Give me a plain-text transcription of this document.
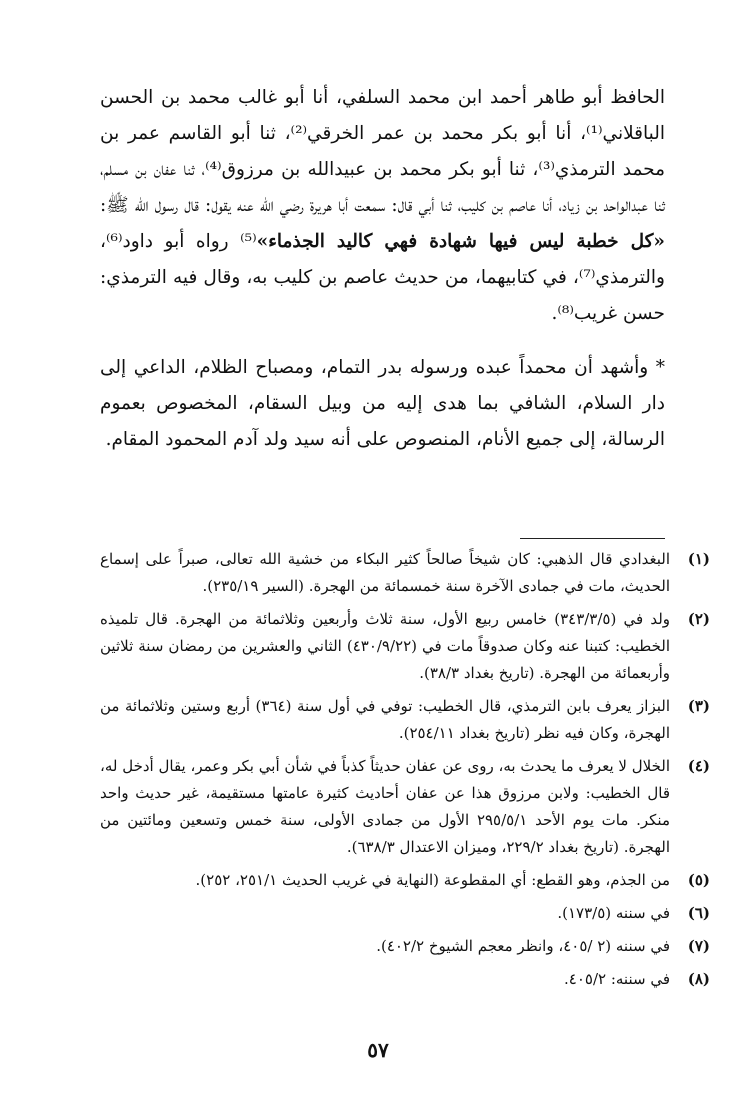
الحافظ أبو طاهر أحمد ابن محمد السلفي، أنا أبو غالب محمد بن الحسن الباقلاني⁽¹⁾، أنا أبو بكر محمد بن عمر الخرقي⁽²⁾، ثنا أبو القاسم عمر بن محمد الترمذي⁽³⁾، ثنا أبو بكر محمد بن عبيدالله بن مرزوق⁽⁴⁾، ثنا عفان بن مسلم، ثنا عبدالواحد بن زياد، أنا عاصم بن كليب، ثنا أبي قال: سمعت أبا هريرة رضي الله عنه يقول: قال رسول الله ﷺ: «كل خطبة ليس فيها شهادة فهي كاليد الجذماء»⁽⁵⁾ رواه أبو داود⁽⁶⁾، والترمذي⁽⁷⁾، في كتابيهما، من حديث عاصم بن كليب به، وقال فيه الترمذي: حسن غريب⁽⁸⁾.

* وأشهد أن محمداً عبده ورسوله بدر التمام، ومصباح الظلام، الداعي إلى دار السلام، الشافي بما هدى إليه من وبيل السقام، المخصوص بعموم الرسالة، إلى جميع الأنام، المنصوص على أنه سيد ولد آدم المحمود المقام.

(١)
البغدادي قال الذهبي: كان شيخاً صالحاً كثير البكاء من خشية الله تعالى، صبراً على إسماع الحديث، مات في جمادى الآخرة سنة خمسمائة من الهجرة. (السير ٢٣٥/١٩).
(٢)
ولد في (٣٤٣/٣/٥) خامس ربيع الأول، سنة ثلاث وأربعين وثلاثمائة من الهجرة. قال تلميذه الخطيب: كتبنا عنه وكان صدوقاً مات في (٤٣٠/٩/٢٢) الثاني والعشرين من رمضان سنة ثلاثين وأربعمائة من الهجرة. (تاريخ بغداد ٣٨/٣).
(٣)
البزاز يعرف بابن الترمذي، قال الخطيب: توفي في أول سنة (٣٦٤) أربع وستين وثلاثمائة من الهجرة، وكان فيه نظر (تاريخ بغداد ٢٥٤/١١).
(٤)
الخلال لا يعرف ما يحدث به، روى عن عفان حديثاً كذباً في شأن أبي بكر وعمر، يقال أدخل له، قال الخطيب: ولابن مرزوق هذا عن عفان أحاديث كثيرة عامتها مستقيمة، غير حديث واحد منكر. مات يوم الأحد ٢٩٥/٥/١ الأول من جمادى الأولى، سنة خمس وتسعين ومائتين من الهجرة. (تاريخ بغداد ٢٢٩/٢، وميزان الاعتدال ٦٣٨/٣).
(٥)
من الجذم، وهو القطع: أي المقطوعة (النهاية في غريب الحديث ٢٥١/١، ٢٥٢).
(٦)
في سننه (١٧٣/٥).
(٧)
في سننه (٢ /٤٠٥، وانظر معجم الشيوخ ٤٠٢/٢).
(٨)
في سننه: ٤٠٥/٢.
٥٧
